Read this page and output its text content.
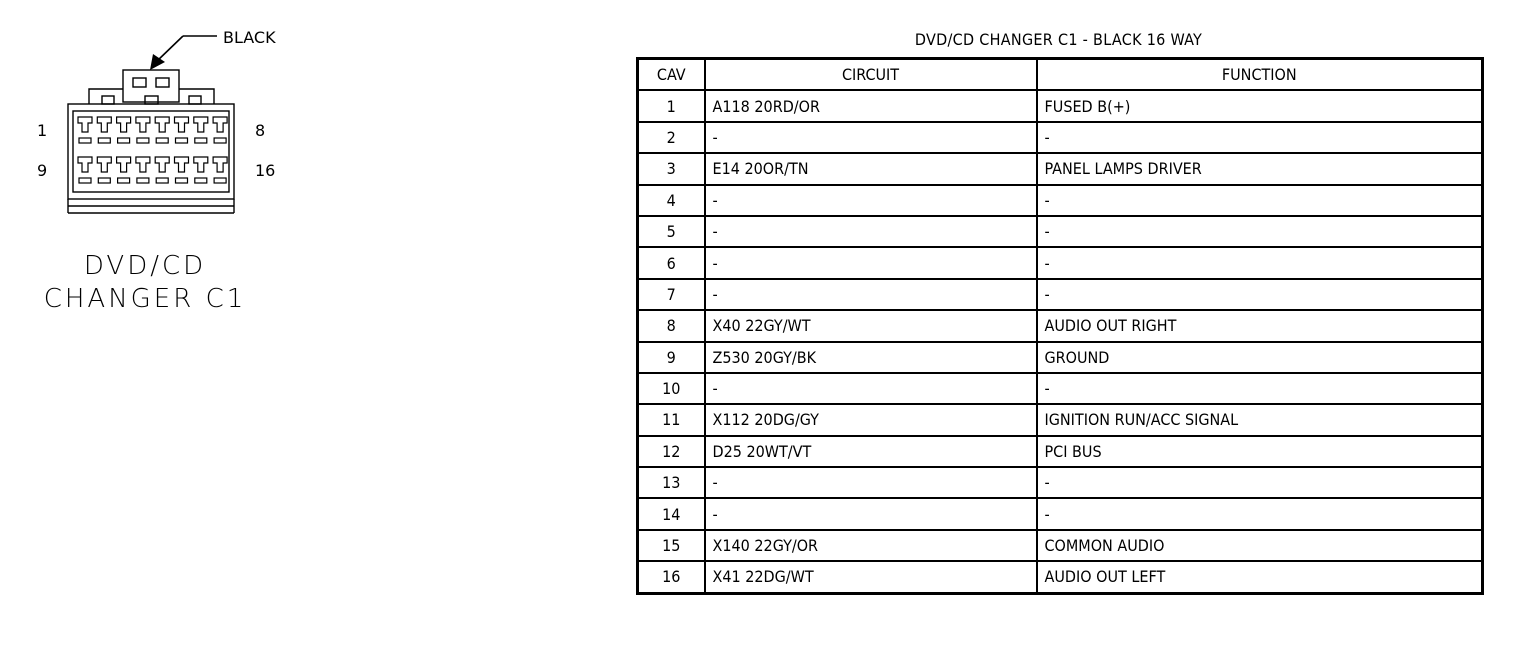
BLACK
1	8
9	16
DVD/CD
CHANGER C1
DVD/CD CHANGER C1 - BLACK 16 WAY
CAV	CIRCUIT	FUNCTION
1	A118 20RD/OR	FUSED B(+)
2	-	-
3	E14 20OR/TN	PANEL LAMPS DRIVER
4	-	-
5	-	-
6	-	-
7	-	-
8	X40 22GY/WT	AUDIO OUT RIGHT
9	Z530 20GY/BK	GROUND
10	-	-
11	X112 20DG/GY	IGNITION RUN/ACC SIGNAL
12	D25 20WT/VT	PCI BUS
13	-	-
14	-	-
15	X140 22GY/OR	COMMON AUDIO
16	X41 22DG/WT	AUDIO OUT LEFT
